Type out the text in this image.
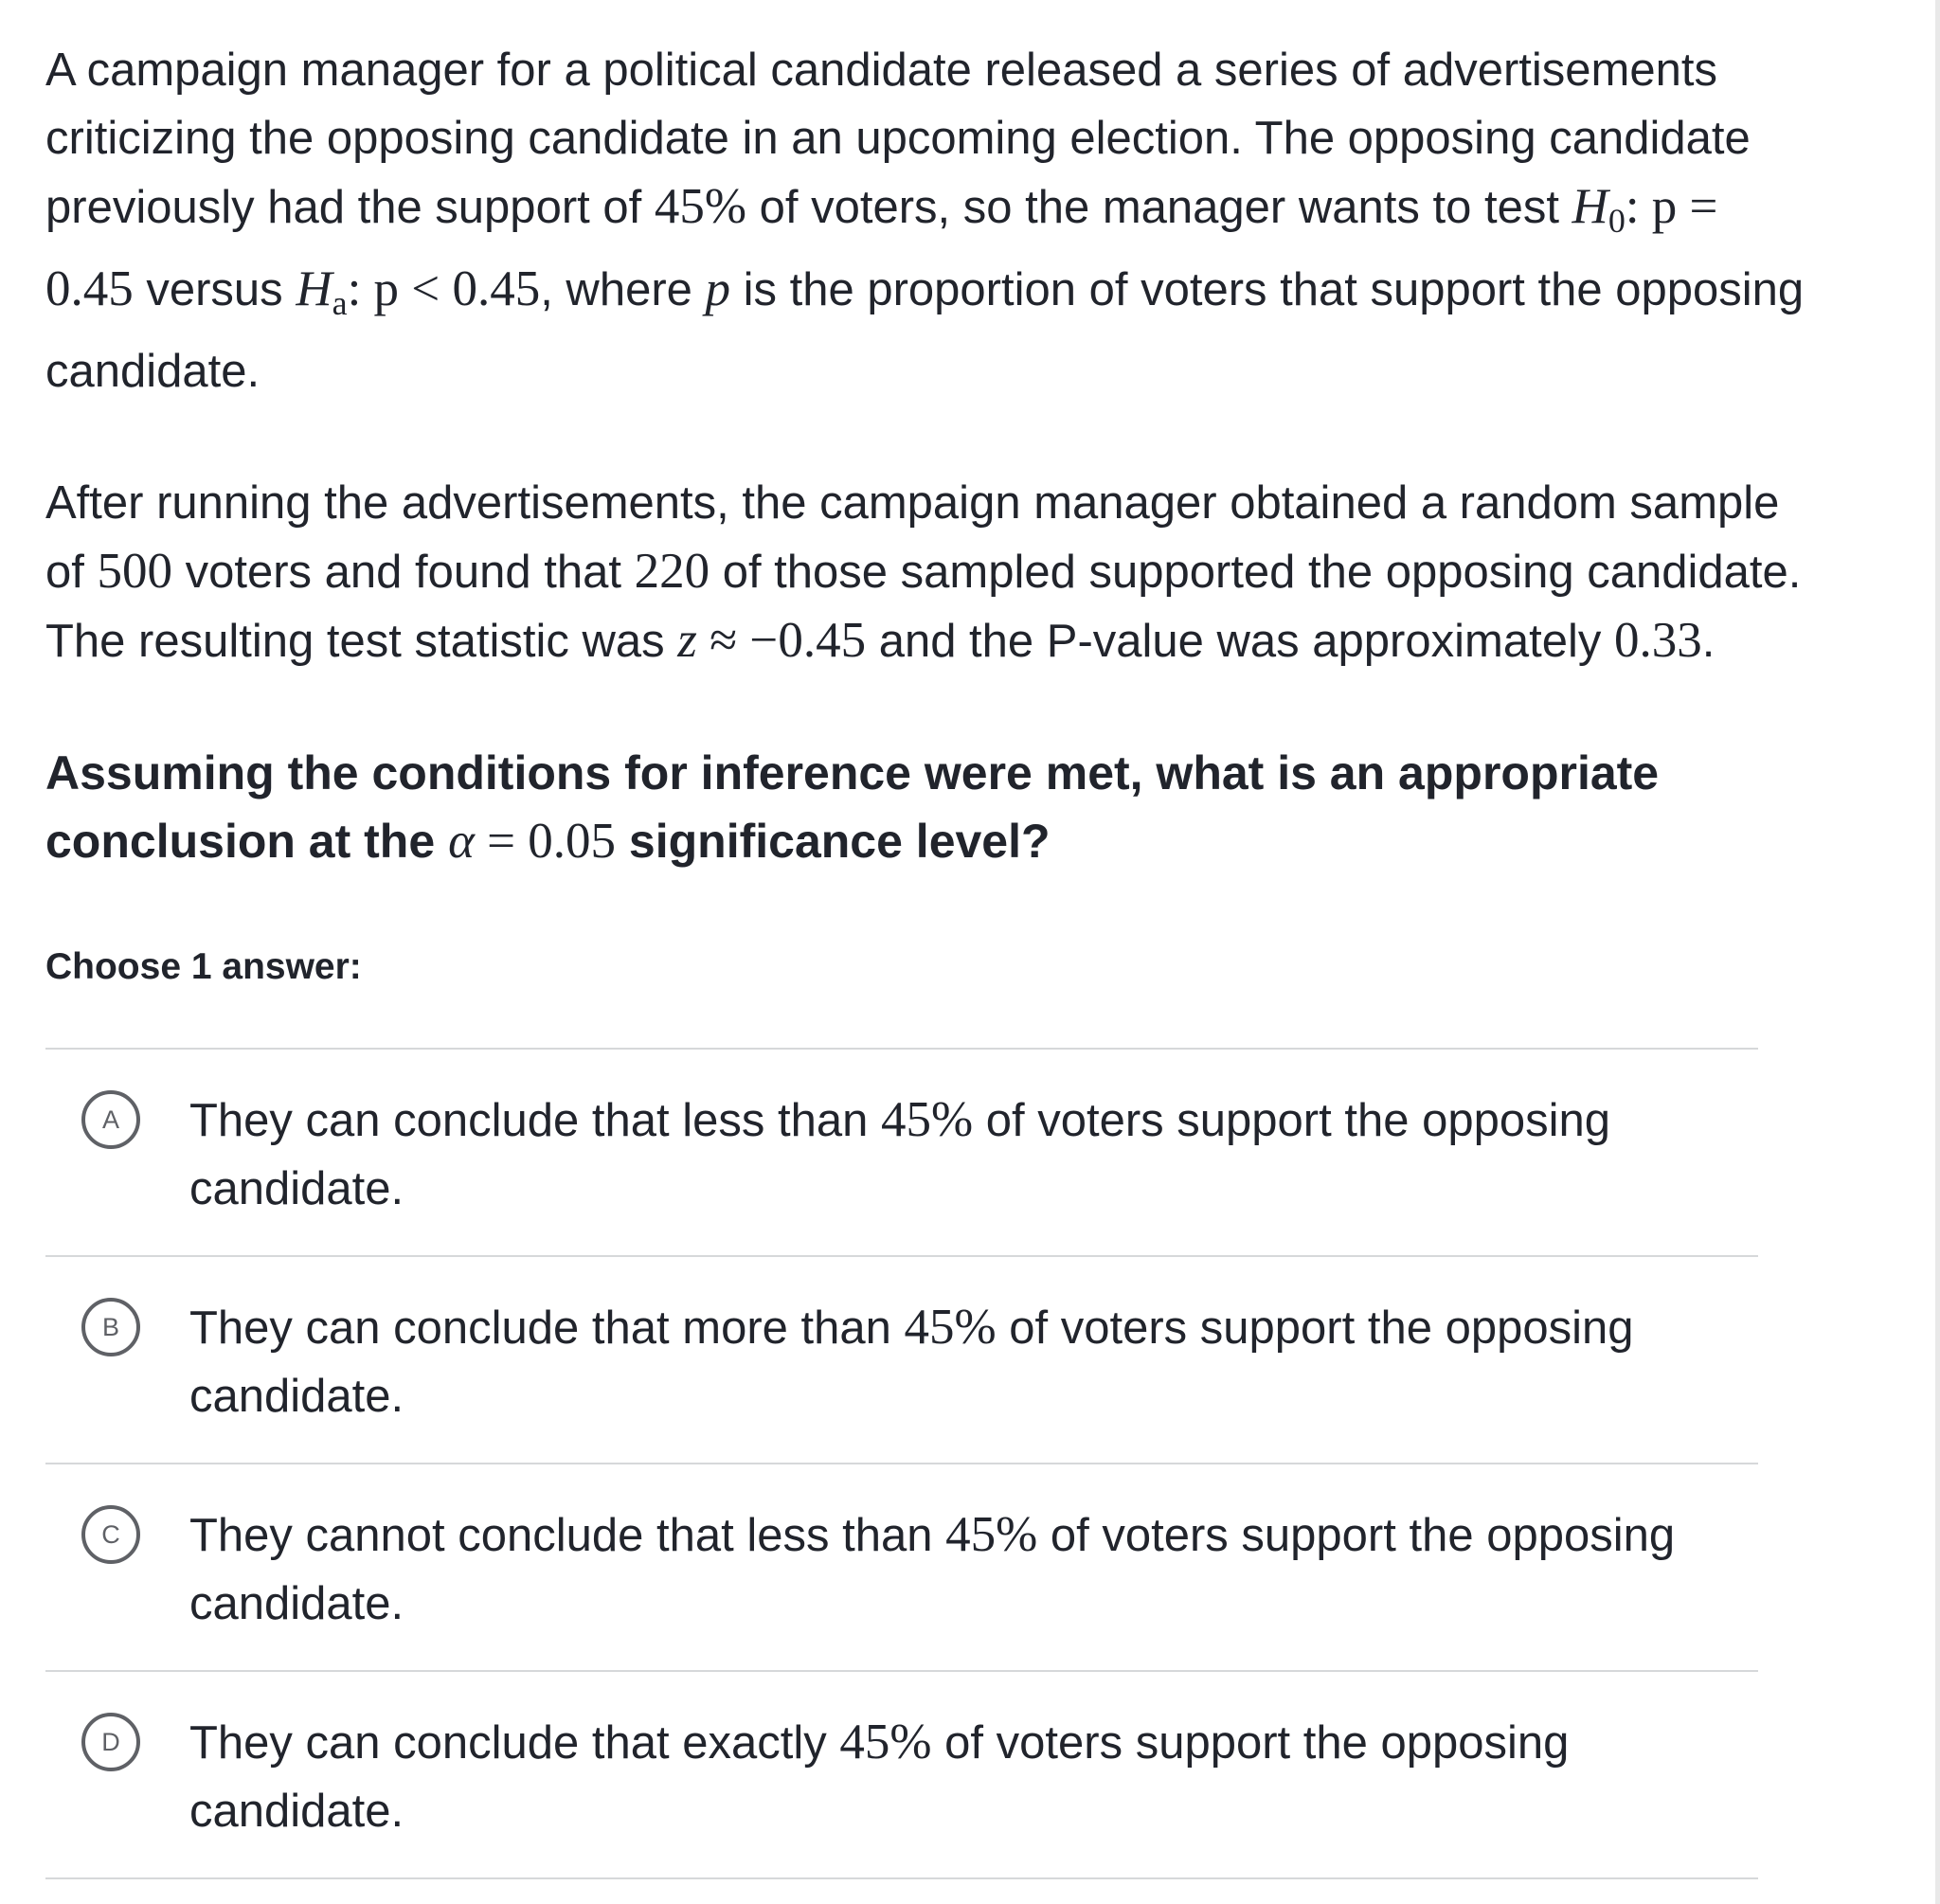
A campaign manager for a political candidate released a series of advertisements criticizing the opposing candidate in an upcoming election. The opposing candidate previously had the support of 45% of voters, so the manager wants to test $H_0$: p = 0.45 versus $H_a$: p < 0.45, where p is the proportion of voters that support the opposing candidate.

After running the advertisements, the campaign manager obtained a random sample of 500 voters and found that 220 of those sampled supported the opposing candidate. The resulting test statistic was z ≈ −0.45 and the P-value was approximately 0.33.

Assuming the conditions for inference were met, what is an appropriate conclusion at the α = 0.05 significance level?

Choose 1 answer:
A	They can conclude that less than 45% of voters support the opposing candidate.
B	They can conclude that more than 45% of voters support the opposing candidate.
C	They cannot conclude that less than 45% of voters support the opposing candidate.
D	They can conclude that exactly 45% of voters support the opposing candidate.
